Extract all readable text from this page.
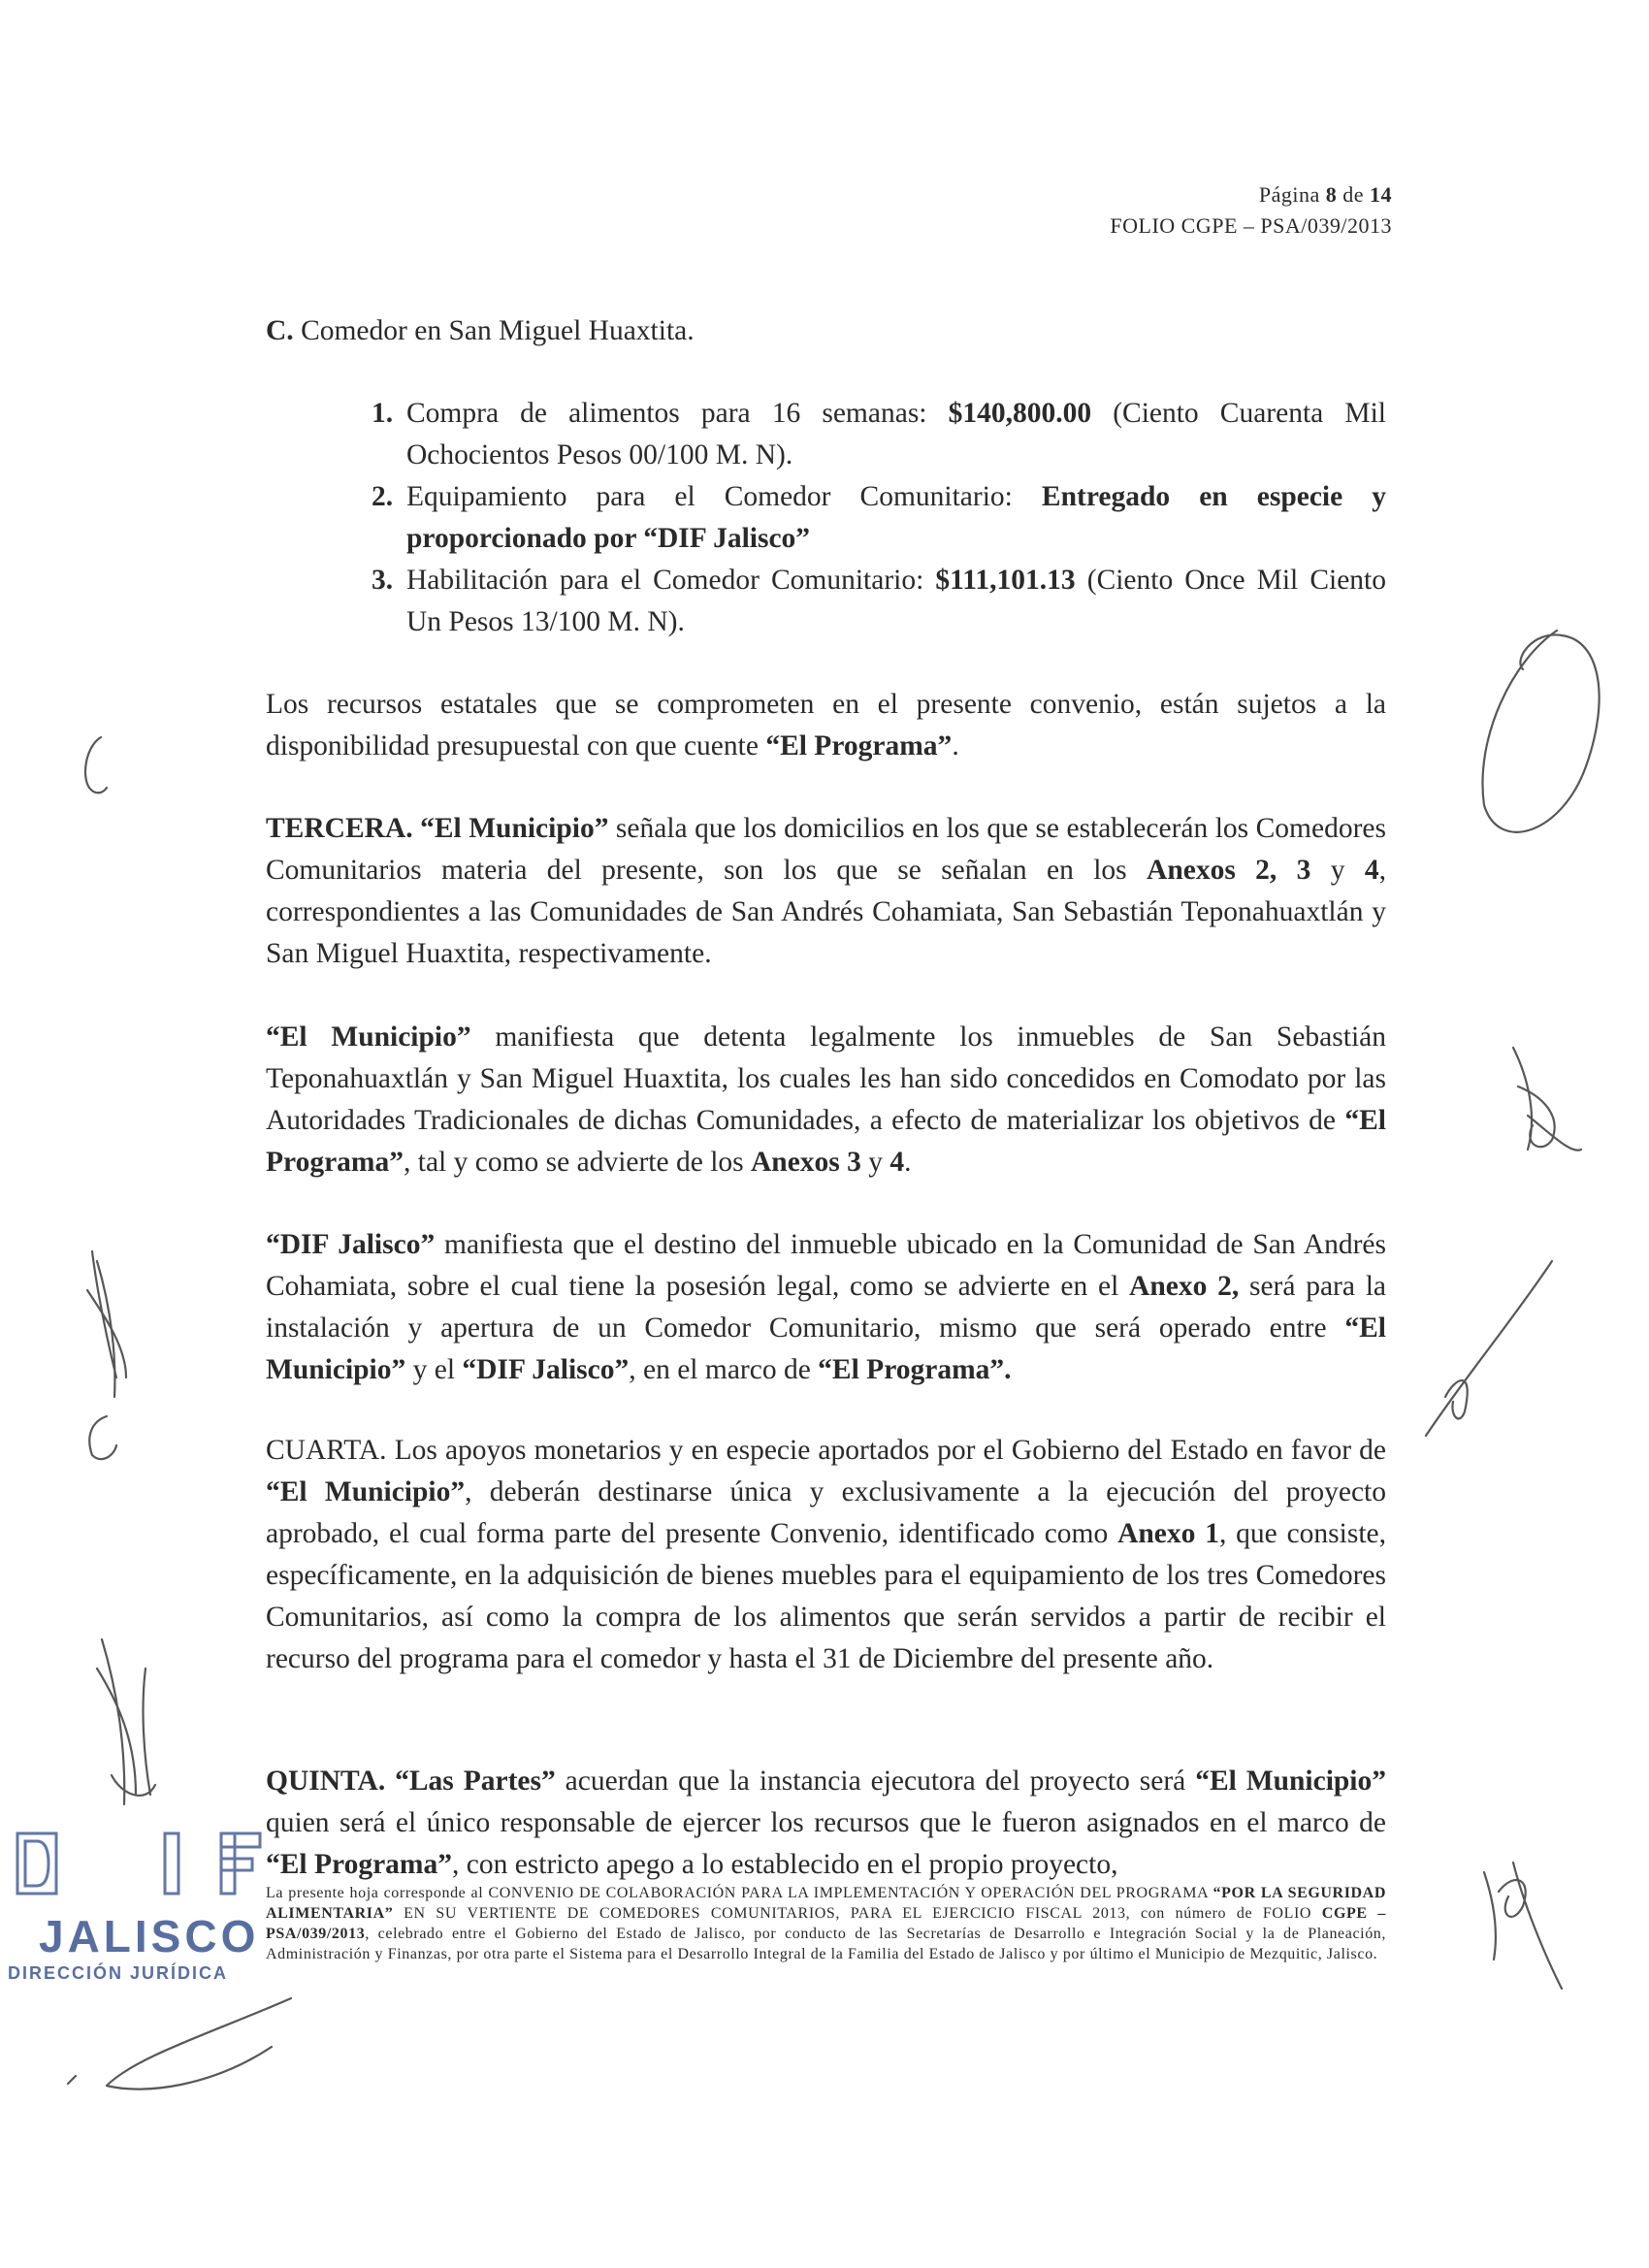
Página 8 de 14
FOLIO CGPE – PSA/039/2013
C. Comedor en San Miguel Huaxtita.
1. Compra de alimentos para 16 semanas: $140,800.00 (Ciento Cuarenta Mil Ochocientos Pesos 00/100 M. N).
2. Equipamiento para el Comedor Comunitario: Entregado en especie y proporcionado por “DIF Jalisco”
3. Habilitación para el Comedor Comunitario: $111,101.13 (Ciento Once Mil Ciento Un Pesos 13/100 M. N).

Los recursos estatales que se comprometen en el presente convenio, están sujetos a la disponibilidad presupuestal con que cuente “El Programa”.

TERCERA. “El Municipio” señala que los domicilios en los que se establecerán los Comedores Comunitarios materia del presente, son los que se señalan en los Anexos 2, 3 y 4, correspondientes a las Comunidades de San Andrés Cohamiata, San Sebastián Teponahuaxtlán y San Miguel Huaxtita, respectivamente.

“El Municipio” manifiesta que detenta legalmente los inmuebles de San Sebastián Teponahuaxtlán y San Miguel Huaxtita, los cuales les han sido concedidos en Comodato por las Autoridades Tradicionales de dichas Comunidades, a efecto de materializar los objetivos de “El Programa”, tal y como se advierte de los Anexos 3 y 4.

“DIF Jalisco” manifiesta que el destino del inmueble ubicado en la Comunidad de San Andrés Cohamiata, sobre el cual tiene la posesión legal, como se advierte en el Anexo 2, será para la instalación y apertura de un Comedor Comunitario, mismo que será operado entre “El Municipio” y el “DIF Jalisco”, en el marco de “El Programa”.

CUARTA. Los apoyos monetarios y en especie aportados por el Gobierno del Estado en favor de “El Municipio”, deberán destinarse única y exclusivamente a la ejecución del proyecto aprobado, el cual forma parte del presente Convenio, identificado como Anexo 1, que consiste, específicamente, en la adquisición de bienes muebles para el equipamiento de los tres Comedores Comunitarios, así como la compra de los alimentos que serán servidos a partir de recibir el recurso del programa para el comedor y hasta el 31 de Diciembre del presente año.

QUINTA. “Las Partes” acuerdan que la instancia ejecutora del proyecto será “El Municipio” quien será el único responsable de ejercer los recursos que le fueron asignados en el marco de “El Programa”, con estricto apego a lo establecido en el propio proyecto,

La presente hoja corresponde al CONVENIO DE COLABORACIÓN PARA LA IMPLEMENTACIÓN Y OPERACIÓN DEL PROGRAMA “POR LA SEGURIDAD ALIMENTARIA” EN SU VERTIENTE DE COMEDORES COMUNITARIOS, PARA EL EJERCICIO FISCAL 2013, con número de FOLIO CGPE – PSA/039/2013, celebrado entre el Gobierno del Estado de Jalisco, por conducto de las Secretarías de Desarrollo e Integración Social y la de Planeación, Administración y Finanzas, por otra parte el Sistema para el Desarrollo Integral de la Familia del Estado de Jalisco y por último el Municipio de Mezquitic, Jalisco.
JALISCO
DIRECCIÓN JURÍDICA
